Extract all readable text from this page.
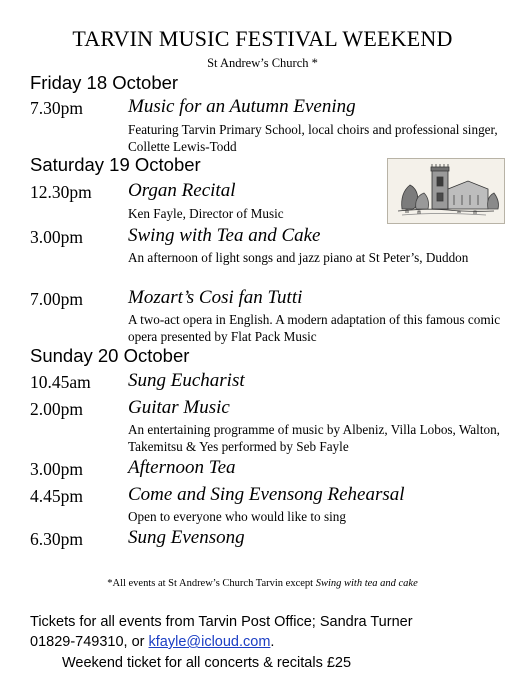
TARVIN MUSIC FESTIVAL WEEKEND
St Andrew’s Church *
Friday 18 October
7.30pm Music for an Autumn Evening
Featuring Tarvin Primary School, local choirs and professional singer, Collette Lewis-Todd
Saturday 19 October
12.30pm Organ Recital
Ken Fayle, Director of Music
3.00pm Swing with Tea and Cake
An afternoon of light songs and jazz piano at St Peter’s, Duddon
7.00pm Mozart’s Cosi fan Tutti
A two-act opera in English. A modern adaptation of this famous comic opera presented by Flat Pack Music
Sunday 20 October
10.45am Sung Eucharist
2.00pm Guitar Music
An entertaining programme of music by Albeniz, Villa Lobos, Walton, Takemitsu & Yes performed by Seb Fayle
3.00pm Afternoon Tea
4.45pm Come and Sing Evensong Rehearsal
Open to everyone who would like to sing
6.30pm Sung Evensong
*All events at St Andrew’s Church Tarvin except Swing with tea and cake
Tickets for all events from Tarvin Post Office; Sandra Turner
01829-749310, or kfayle@icloud.com.
Weekend ticket for all concerts & recitals £25
